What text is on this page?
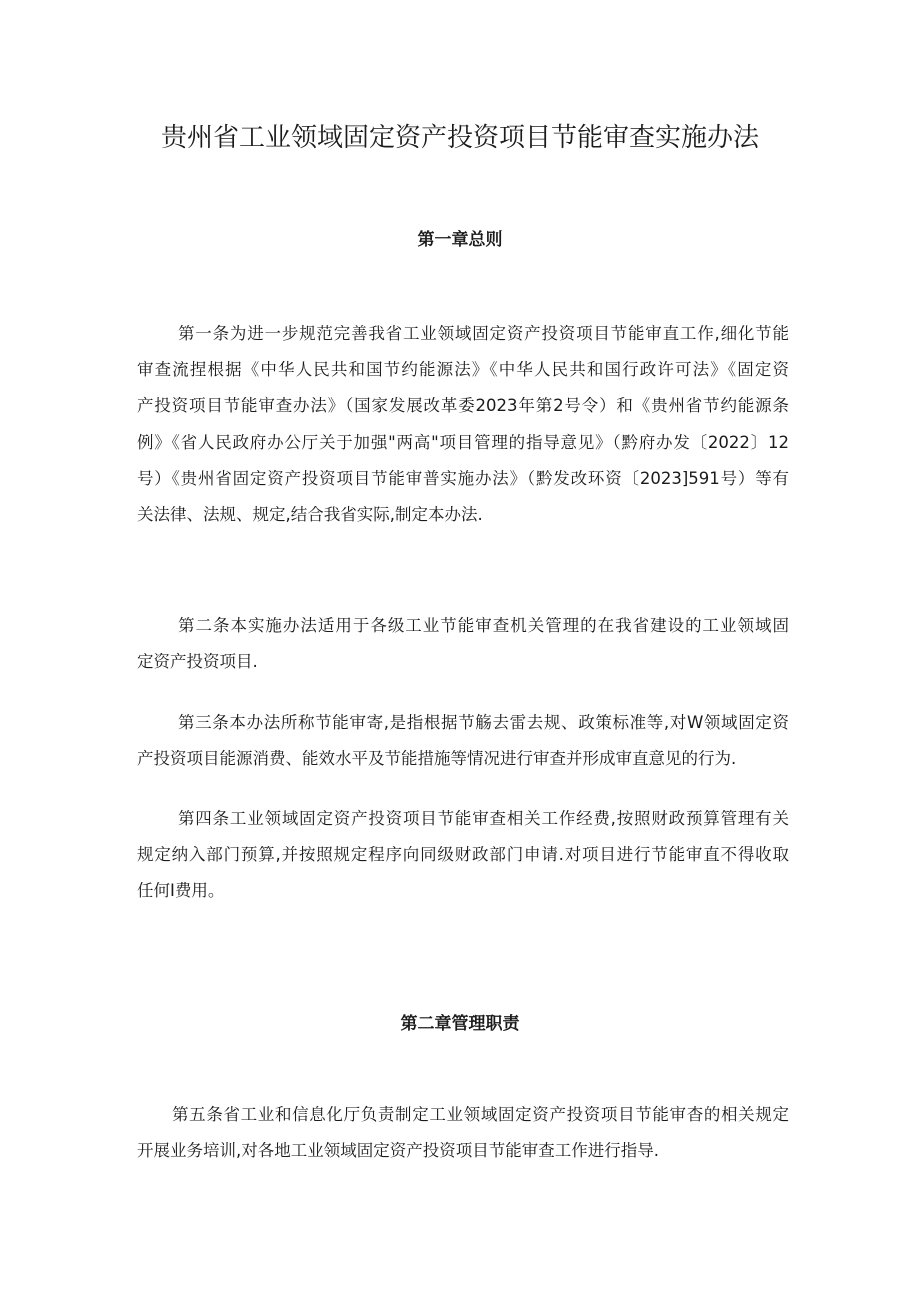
贵州省工业领域固定资产投资项目节能审查实施办法
第一章总则
第一条为进一步规范完善我省工业领域固定资产投资项目节能审直工作,细化节能
审查流捏根据《中华人民共和国节约能源法》《中华人民共和国行政许可法》《固定资
产投资项目节能审查办法》（国家发展改革委2023年第2号令）和《贵州省节约能源条
例》《省人民政府办公厅关于加强"两高"项目管理的指导意见》（黔府办发〔2022〕12
号）《贵州省固定资产投资项目节能审普实施办法》（黔发改环资〔2023]591号）等有
关法律、法规、规定,结合我省实际,制定本办法.
第二条本实施办法适用于各级工业节能审查机关管理的在我省建设的工业领域固
定资产投资项目.
第三条本办法所称节能审寄,是指根据节觞去雷去规、政策标准等,对W领域固定资
产投资项目能源消费、能效水平及节能措施等情况进行审查并形成审直意见的行为.
第四条工业领域固定资产投资项目节能审查相关工作经费,按照财政预算管理有关
规定纳入部门预算,并按照规定程序向同级财政部门申请.对项目进行节能审直不得收取
任何I费用。
第二章管理职责
第五条省工业和信息化厅负责制定工业领域固定资产投资项目节能审杳的相关规定
开展业务培训,对各地工业领域固定资产投资项目节能审查工作进行指导.
